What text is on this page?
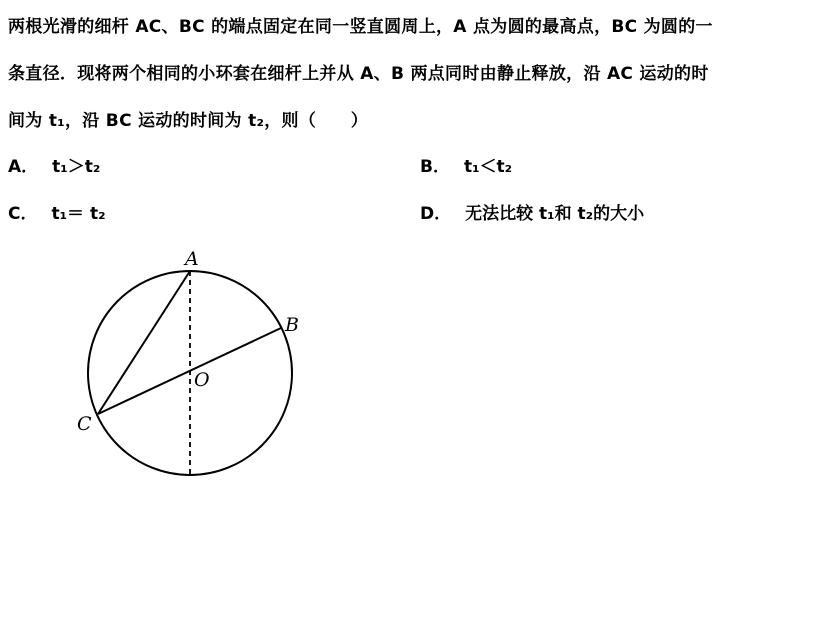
两根光滑的细杆 AC、BC 的端点固定在同一竖直圆周上，A 点为圆的最高点，BC 为圆的一
条直径．现将两个相同的小环套在细杆上并从 A、B 两点同时由静止释放，沿 AC 运动的时
间为 t₁，沿 BC 运动的时间为 t₂，则（　　）
A． t₁＞t₂	B． t₁＜t₂
C． t₁＝ t₂	D． 无法比较 t₁和 t₂的大小
A
B
C
O
